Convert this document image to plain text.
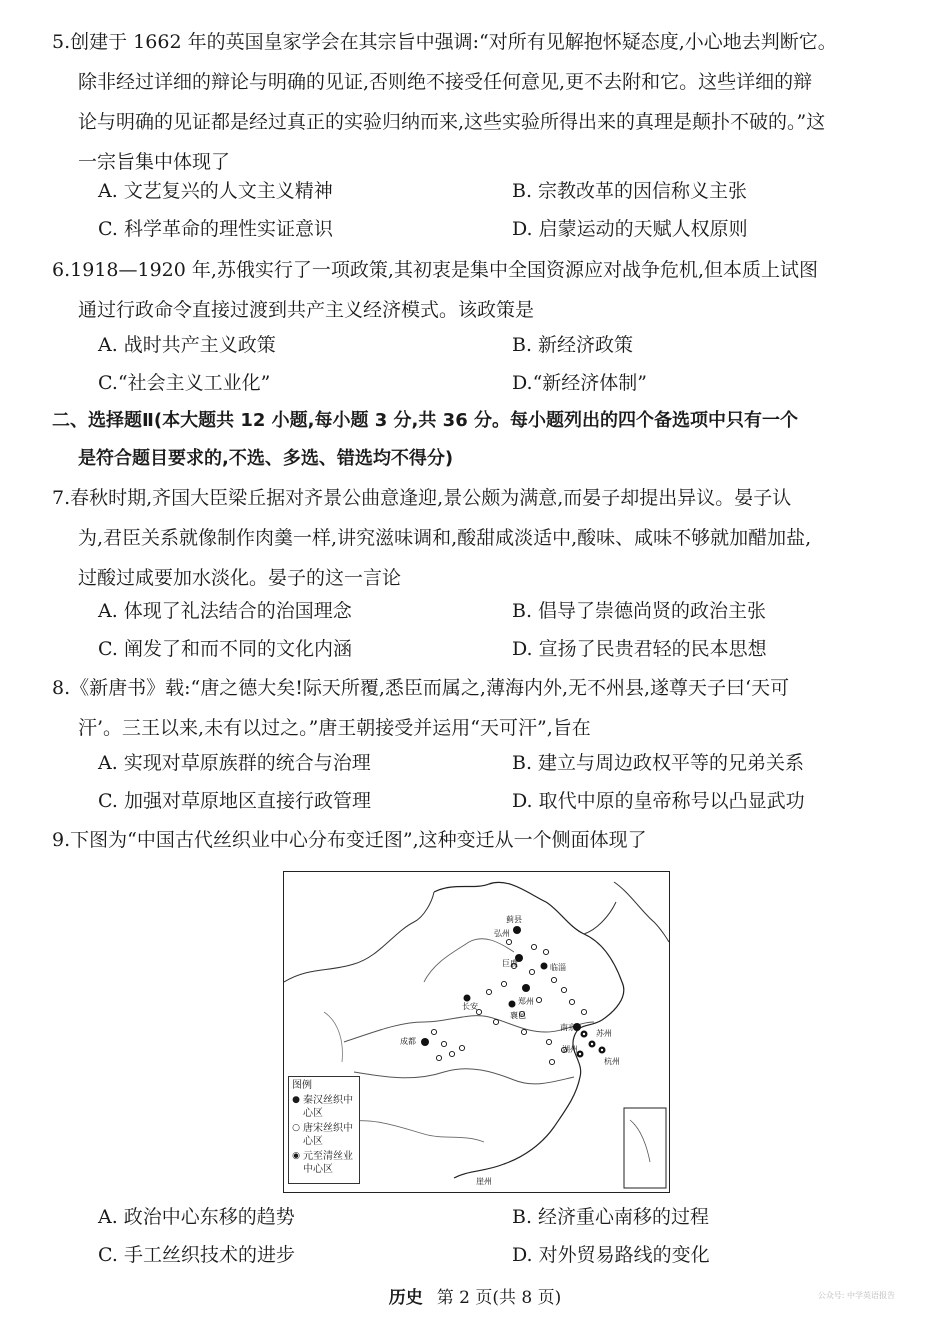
5.创建于 1662 年的英国皇家学会在其宗旨中强调:“对所有见解抱怀疑态度,小心地去判断它。
除非经过详细的辩论与明确的见证,否则绝不接受任何意见,更不去附和它。这些详细的辩
论与明确的见证都是经过真正的实验归纳而来,这些实验所得出来的真理是颠扑不破的。”这
一宗旨集中体现了
A. 文艺复兴的人文主义精神	B. 宗教改革的因信称义主张
C. 科学革命的理性实证意识	D. 启蒙运动的天赋人权原则
6.1918—1920 年,苏俄实行了一项政策,其初衷是集中全国资源应对战争危机,但本质上试图
通过行政命令直接过渡到共产主义经济模式。该政策是
A. 战时共产主义政策	B. 新经济政策
C.“社会主义工业化”	D.“新经济体制”
二、选择题Ⅱ(本大题共 12 小题,每小题 3 分,共 36 分。每小题列出的四个备选项中只有一个
是符合题目要求的,不选、多选、错选均不得分)
7.春秋时期,齐国大臣梁丘据对齐景公曲意逢迎,景公颇为满意,而晏子却提出异议。晏子认
为,君臣关系就像制作肉羹一样,讲究滋味调和,酸甜咸淡适中,酸味、咸味不够就加醋加盐,
过酸过咸要加水淡化。晏子的这一言论
A. 体现了礼法结合的治国理念	B. 倡导了崇德尚贤的政治主张
C. 阐发了和而不同的文化内涵	D. 宣扬了民贵君轻的民本思想
8.《新唐书》载:“唐之德大矣!际天所覆,悉臣而属之,薄海内外,无不州县,遂尊天子曰‘天可
汗’。三王以来,未有以过之。”唐王朝接受并运用“天可汗”,旨在
A. 实现对草原族群的统合与治理	B. 建立与周边政权平等的兄弟关系
C. 加强对草原地区直接行政管理	D. 取代中原的皇帝称号以凸显武功
9.下图为“中国古代丝织业中心分布变迁图”,这种变迁从一个侧面体现了
蓟县
弘州
巨鹿	临淄
长安
成都
郑州
襄邑
南京
苏州
湖州
杭州
崖州
图例
● 秦汉丝织中心区
○ 唐宋丝织中心区
◉ 元至清丝业中心区
A. 政治中心东移的趋势	B. 经济重心南移的过程
C. 手工丝织技术的进步	D. 对外贸易路线的变化
历史 第 2 页(共 8 页)	公众号: 中学英语报告
